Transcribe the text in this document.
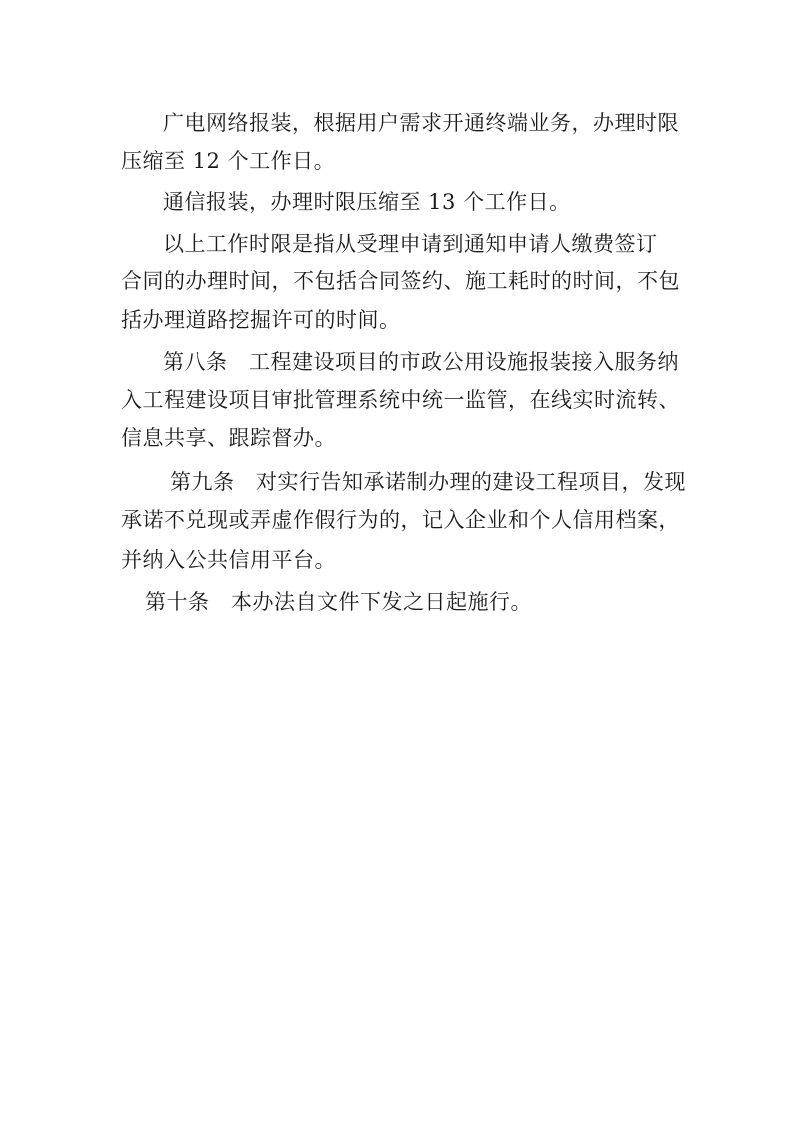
广电网络报装，根据用户需求开通终端业务，办理时限
压缩至 12 个工作日。
通信报装，办理时限压缩至 13 个工作日。
以上工作时限是指从受理申请到通知申请人缴费签订
合同的办理时间，不包括合同签约、施工耗时的时间，不包
括办理道路挖掘许可的时间。
第八条　工程建设项目的市政公用设施报装接入服务纳
入工程建设项目审批管理系统中统一监管，在线实时流转、
信息共享、跟踪督办。
第九条　对实行告知承诺制办理的建设工程项目，发现
承诺不兑现或弄虚作假行为的，记入企业和个人信用档案，
并纳入公共信用平台。
第十条　本办法自文件下发之日起施行。
